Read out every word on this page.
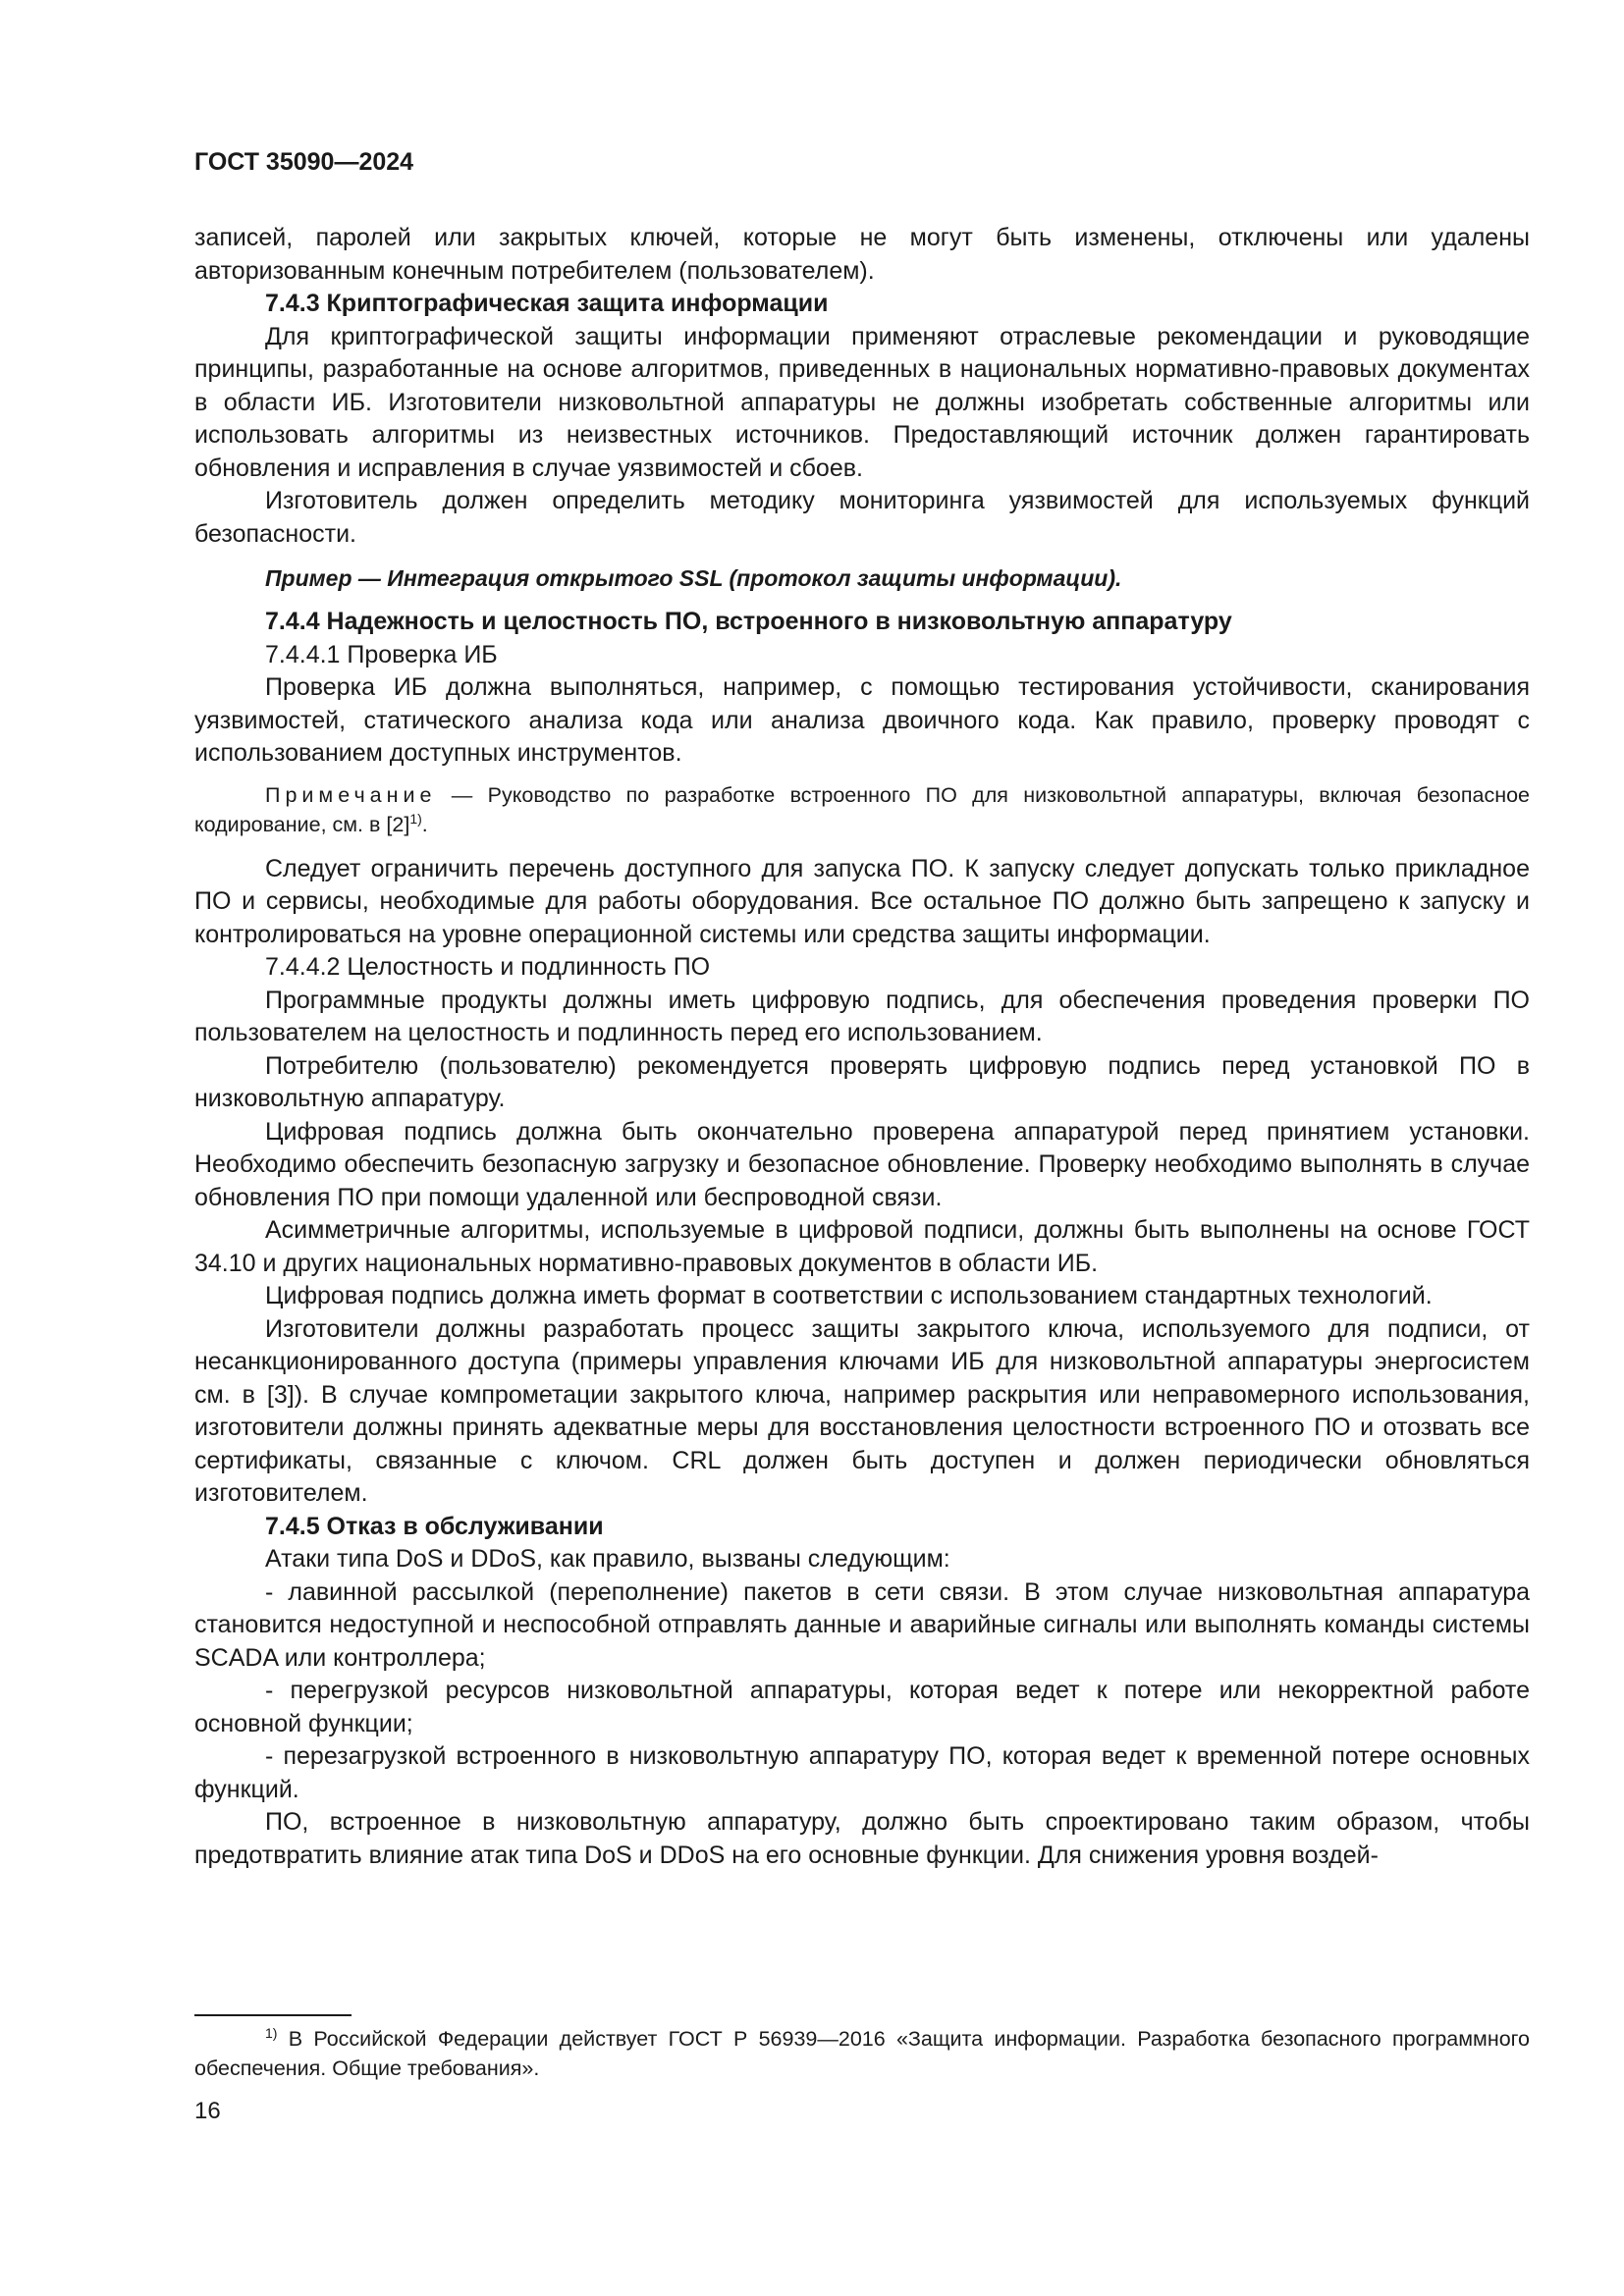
ГОСТ 35090—2024

записей, паролей или закрытых ключей, которые не могут быть изменены, отключены или удалены авторизованным конечным потребителем (пользователем).

7.4.3 Криптографическая защита информации

Для криптографической защиты информации применяют отраслевые рекомендации и руководящие принципы, разработанные на основе алгоритмов, приведенных в национальных нормативно-правовых документах в области ИБ. Изготовители низковольтной аппаратуры не должны изобретать собственные алгоритмы или использовать алгоритмы из неизвестных источников. Предоставляющий источник должен гарантировать обновления и исправления в случае уязвимостей и сбоев.

Изготовитель должен определить методику мониторинга уязвимостей для используемых функций безопасности.

Пример — Интеграция открытого SSL (протокол защиты информации).

7.4.4 Надежность и целостность ПО, встроенного в низковольтную аппаратуру

7.4.4.1 Проверка ИБ

Проверка ИБ должна выполняться, например, с помощью тестирования устойчивости, сканирования уязвимостей, статического анализа кода или анализа двоичного кода. Как правило, проверку проводят с использованием доступных инструментов.

Примечание — Руководство по разработке встроенного ПО для низковольтной аппаратуры, включая безопасное кодирование, см. в $[2]^{1)}$.

Следует ограничить перечень доступного для запуска ПО. К запуску следует допускать только прикладное ПО и сервисы, необходимые для работы оборудования. Все остальное ПО должно быть запрещено к запуску и контролироваться на уровне операционной системы или средства защиты информации.

7.4.4.2 Целостность и подлинность ПО

Программные продукты должны иметь цифровую подпись, для обеспечения проведения проверки ПО пользователем на целостность и подлинность перед его использованием.

Потребителю (пользователю) рекомендуется проверять цифровую подпись перед установкой ПО в низковольтную аппаратуру.

Цифровая подпись должна быть окончательно проверена аппаратурой перед принятием установки. Необходимо обеспечить безопасную загрузку и безопасное обновление. Проверку необходимо выполнять в случае обновления ПО при помощи удаленной или беспроводной связи.

Асимметричные алгоритмы, используемые в цифровой подписи, должны быть выполнены на основе ГОСТ 34.10 и других национальных нормативно-правовых документов в области ИБ.

Цифровая подпись должна иметь формат в соответствии с использованием стандартных технологий.

Изготовители должны разработать процесс защиты закрытого ключа, используемого для подписи, от несанкционированного доступа (примеры управления ключами ИБ для низковольтной аппаратуры энергосистем см. в [3]). В случае компрометации закрытого ключа, например раскрытия или неправомерного использования, изготовители должны принять адекватные меры для восстановления целостности встроенного ПО и отозвать все сертификаты, связанные с ключом. CRL должен быть доступен и должен периодически обновляться изготовителем.

7.4.5 Отказ в обслуживании

Атаки типа DoS и DDoS, как правило, вызваны следующим:

- лавинной рассылкой (переполнение) пакетов в сети связи. В этом случае низковольтная аппаратура становится недоступной и неспособной отправлять данные и аварийные сигналы или выполнять команды системы SCADA или контроллера;

- перегрузкой ресурсов низковольтной аппаратуры, которая ведет к потере или некорректной работе основной функции;

- перезагрузкой встроенного в низковольтную аппаратуру ПО, которая ведет к временной потере основных функций.

ПО, встроенное в низковольтную аппаратуру, должно быть спроектировано таким образом, чтобы предотвратить влияние атак типа DoS и DDoS на его основные функции. Для снижения уровня воздей-

$^{1)}$ В Российской Федерации действует ГОСТ Р 56939—2016 «Защита информации. Разработка безопасного программного обеспечения. Общие требования».

16
